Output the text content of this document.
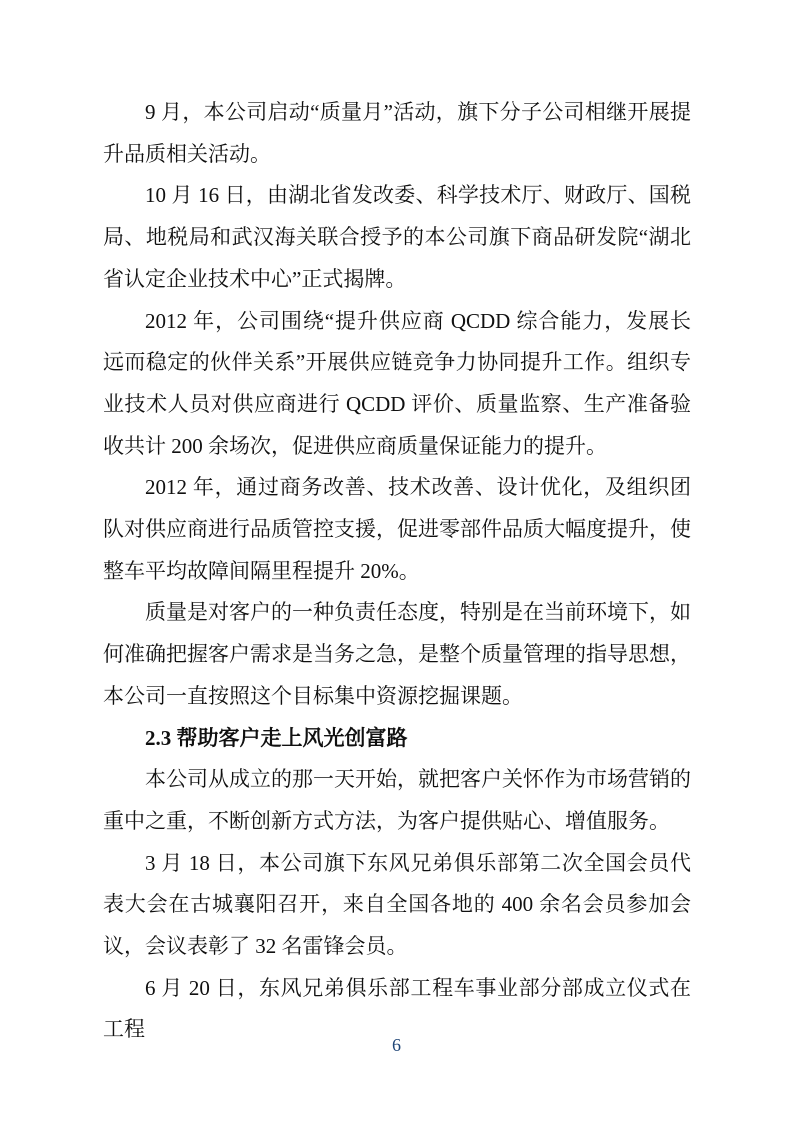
9 月，本公司启动“质量月”活动，旗下分子公司相继开展提升品质相关活动。

10 月 16 日，由湖北省发改委、科学技术厅、财政厅、国税局、地税局和武汉海关联合授予的本公司旗下商品研发院“湖北省认定企业技术中心”正式揭牌。

2012 年，公司围绕“提升供应商 QCDD 综合能力，发展长远而稳定的伙伴关系”开展供应链竞争力协同提升工作。组织专业技术人员对供应商进行 QCDD 评价、质量监察、生产准备验收共计 200 余场次，促进供应商质量保证能力的提升。

2012 年，通过商务改善、技术改善、设计优化，及组织团队对供应商进行品质管控支援，促进零部件品质大幅度提升，使整车平均故障间隔里程提升 20%。

质量是对客户的一种负责任态度，特别是在当前环境下，如何准确把握客户需求是当务之急，是整个质量管理的指导思想，本公司一直按照这个目标集中资源挖掘课题。

2.3 帮助客户走上风光创富路

本公司从成立的那一天开始，就把客户关怀作为市场营销的重中之重，不断创新方式方法，为客户提供贴心、增值服务。

3 月 18 日，本公司旗下东风兄弟俱乐部第二次全国会员代表大会在古城襄阳召开，来自全国各地的 400 余名会员参加会议，会议表彰了 32 名雷锋会员。

6 月 20 日，东风兄弟俱乐部工程车事业部分部成立仪式在工程

6
